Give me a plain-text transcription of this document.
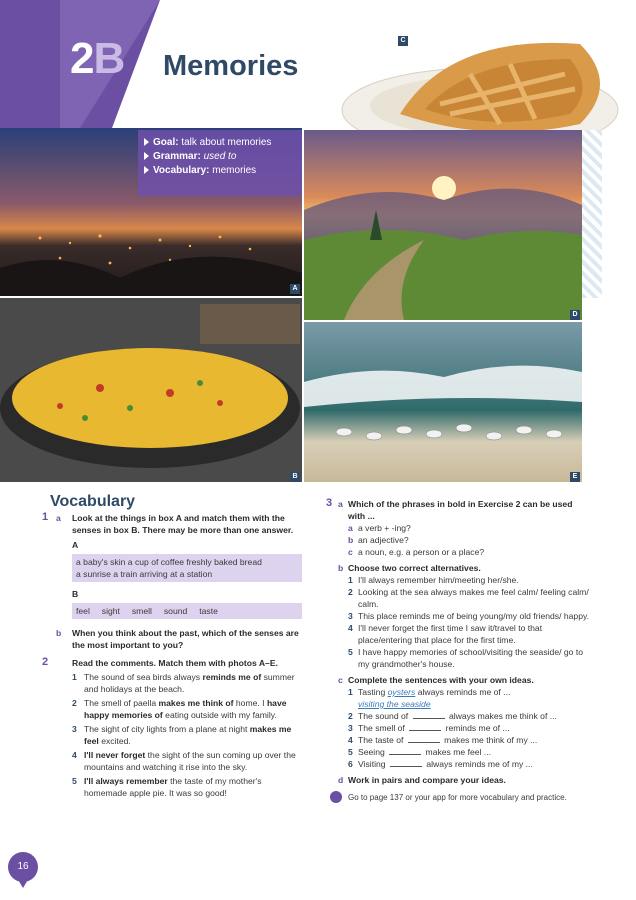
2B Memories
C
A
Goal: talk about memories
Grammar: used to
Vocabulary: memories
D
B	E
Vocabulary
1 a Look at the things in box A and match them with the senses in box B. There may be more than one answer.
A
a baby's skin a cup of coffee freshly baked bread
a sunrise a train arriving at a station
B
feel     sight     smell     sound     taste
b When you think about the past, which of the senses are the most important to you?
2	Read the comments. Match them with photos A–E.
1 The sound of sea birds always reminds me of summer and holidays at the beach.
2 The smell of paella makes me think of home. I have happy memories of eating outside with my family.
3 The sight of city lights from a plane at night makes me feel excited.
4 I'll never forget the sight of the sun coming up over the mountains and watching it rise into the sky.
5 I'll always remember the taste of my mother's homemade apple pie. It was so good!
3 a Which of the phrases in bold in Exercise 2 can be used with ...
a a verb + -ing?
b an adjective?
c a noun, e.g. a person or a place?
b Choose two correct alternatives.
1 I'll always remember him/meeting her/she.
2 Looking at the sea always makes me feel calm/ feeling calm/ calm.
3 This place reminds me of being young/my old friends/ happy.
4 I'll never forget the first time I saw it/travel to that place/entering that place for the first time.
5 I have happy memories of school/visiting the seaside/ go to my grandmother's house.
c Complete the sentences with your own ideas.
1 Tasting oysters always reminds me of ...
visiting the seaside
2 The sound of	always makes me think of ...
3 The smell of	reminds me of ...
4 The taste of	makes me think of my ...
5 Seeing	makes me feel ...
6 Visiting	always reminds me of my ...
d Work in pairs and compare your ideas.
Go to page 137 or your app for more vocabulary and practice.
16
